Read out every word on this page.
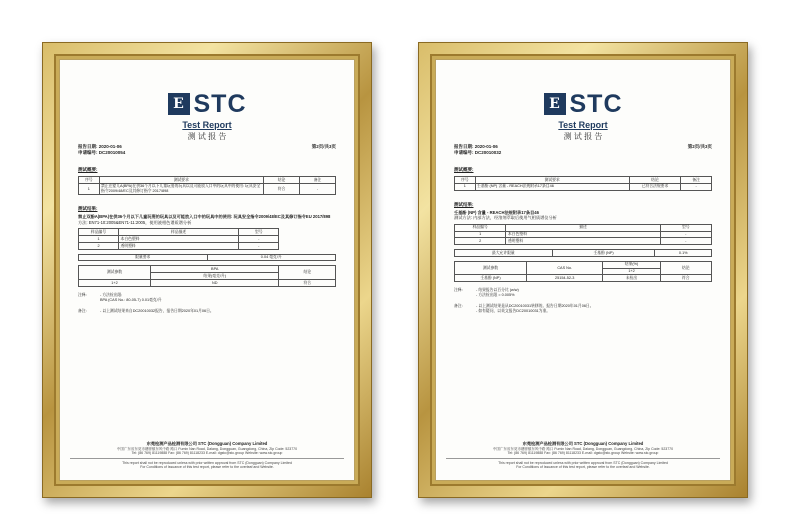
E STC
Test Report
测 试 报 告
报告日期: 2020-01-06	第2页/共3页
申请编号: DC20010054
测试概要:
序号	测试要求	结论	备注
1	禁止在婴儿A(BPA)在供36个月以下儿童玩耍的玩具以及可能放入口中的玩具中的使用: 玩具安全指令2009/48/EC及其修订指令 2017/898	符合	-
测试结果:
禁止双酚A(BPA)在供36个月以下儿童玩耍的玩具以及可能放入口中的玩具中的使用: 玩具安全指令2009/48/EC及其修订指令EU 2017/898
方法: EN71-10:2005&EN71-11:2005，使用液相色谱质谱分析
样品编号	样品描述	型号
1	本白色塑料	-
2	透明塑料	-
限量要求	0.04 毫克/升
测试参数	BPA	结论
	结果(毫克/升)	
1+2	ND	符合
注释:	- 方法检出限:
BPA (CAS No.: 80-05-7) 0.01毫克/升
备注:	- 以上测试结果来自DC20010032报告，报告日期2020年01月06日。
东莞检测产品检测有限公司 STC (Dongguan) Company Limited
中国广东省东莞市塘厦镇东风中路 路口 Fumin Nan Road, Dalang, Dongguan, Guangdong, China, Zip Code: 523770
Tel: (86 769) 81119888 Fax: (86 769) 81118233 E-mail: dgstc@stc.group Website: www.stc.group
This report shall not be reproduced unless with prior written approval from STC (Dongguan) Company Limited
For Conditions of Issuance of this test report, please refer to the overleaf and Website.
E STC
Test Report
测 试 报 告
报告日期: 2020-01-06	第2页/共3页
申请编号: DC20010032
测试概要:
序号	测试要求	结论	备注
1	壬基酚 (NP) 含量 - REACH法规附录17条目46	已符合法规要求	-
测试结果:
壬基酚 (NP) 含量 - REACH法规附录17条目46
测试方法: 内部方法，经溶剂萃取后使用气相质谱仪分析
样品编号	描述	型号
1	本白色塑料	-
2	透明塑料	-
最大允许限量	壬基酚 (NP)	0.1%
测试参数	CAS No.	结果(%)	结论
		1+2	
壬基酚 (NP)	25154-52-3	未检出	符合
注释:	- 结果报告以百分比 (w/w)
- 方法检出限 = 0.005%
备注:	- 以上测试结果是从DC20010031转移的。报告日期2020年01月06日。
- 如有疑问，以英文报告DC20010031为准。
东莞检测产品检测有限公司 STC (Dongguan) Company Limited
中国广东省东莞市塘厦镇东风中路 路口 Fumin Nan Road, Dalang, Dongguan, Guangdong, China, Zip Code: 523770
Tel: (86 769) 81119888 Fax: (86 769) 81118233 E-mail: dgstc@stc.group Website: www.stc.group
This report shall not be reproduced unless with prior written approval from STC (Dongguan) Company Limited
For Conditions of Issuance of this test report, please refer to the overleaf and Website.
